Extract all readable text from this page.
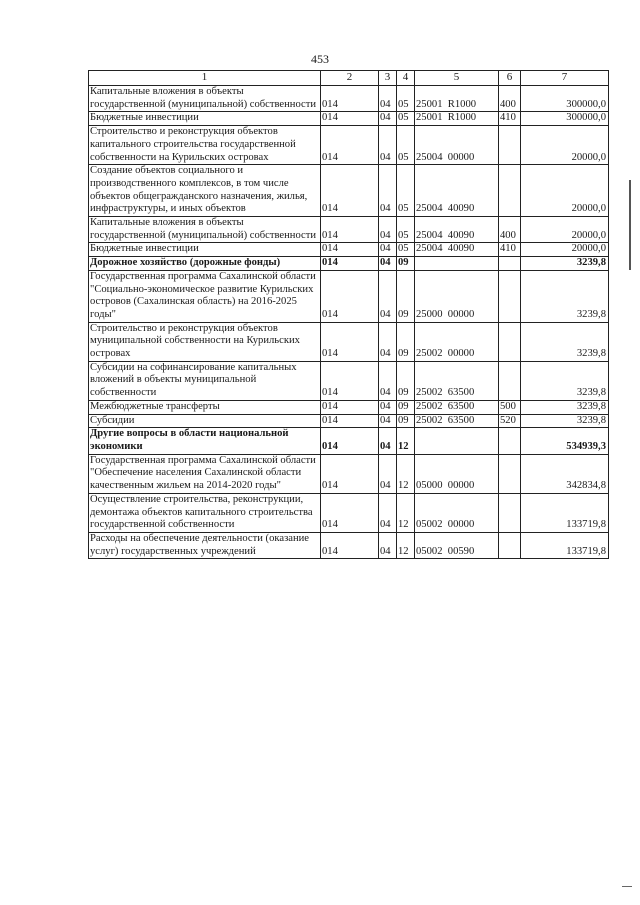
453
1	2	3	4	5	6	7
Капитальные вложения в объекты государственной (муниципальной) собственности	014	04	05	25001  R1000	400	300000,0
Бюджетные инвестиции	014	04	05	25001  R1000	410	300000,0
Строительство и реконструкция объектов капитального строительства государственной собственности на Курильских островах	014	04	05	25004  00000		20000,0
Создание объектов социального и производственного комплексов, в том числе объектов общегражданского назначения, жилья, инфраструктуры, и иных объектов	014	04	05	25004  40090		20000,0
Капитальные вложения в объекты государственной (муниципальной) собственности	014	04	05	25004  40090	400	20000,0
Бюджетные инвестиции	014	04	05	25004  40090	410	20000,0
Дорожное хозяйство (дорожные фонды)	014	04	09			3239,8
Государственная программа Сахалинской области "Социально-экономическое развитие Курильских островов (Сахалинская область) на 2016-2025 годы"	014	04	09	25000  00000		3239,8
Строительство и реконструкция объектов муниципальной собственности на Курильских островах	014	04	09	25002  00000		3239,8
Субсидии на софинансирование капитальных вложений в объекты муниципальной собственности	014	04	09	25002  63500		3239,8
Межбюджетные трансферты	014	04	09	25002  63500	500	3239,8
Субсидии	014	04	09	25002  63500	520	3239,8
Другие вопросы в области национальной экономики	014	04	12			534939,3
Государственная программа Сахалинской области "Обеспечение населения Сахалинской области качественным жильем на 2014-2020 годы"	014	04	12	05000  00000		342834,8
Осуществление строительства, реконструкции, демонтажа объектов капитального строительства государственной собственности	014	04	12	05002  00000		133719,8
Расходы на обеспечение деятельности (оказание услуг) государственных учреждений	014	04	12	05002  00590		133719,8
